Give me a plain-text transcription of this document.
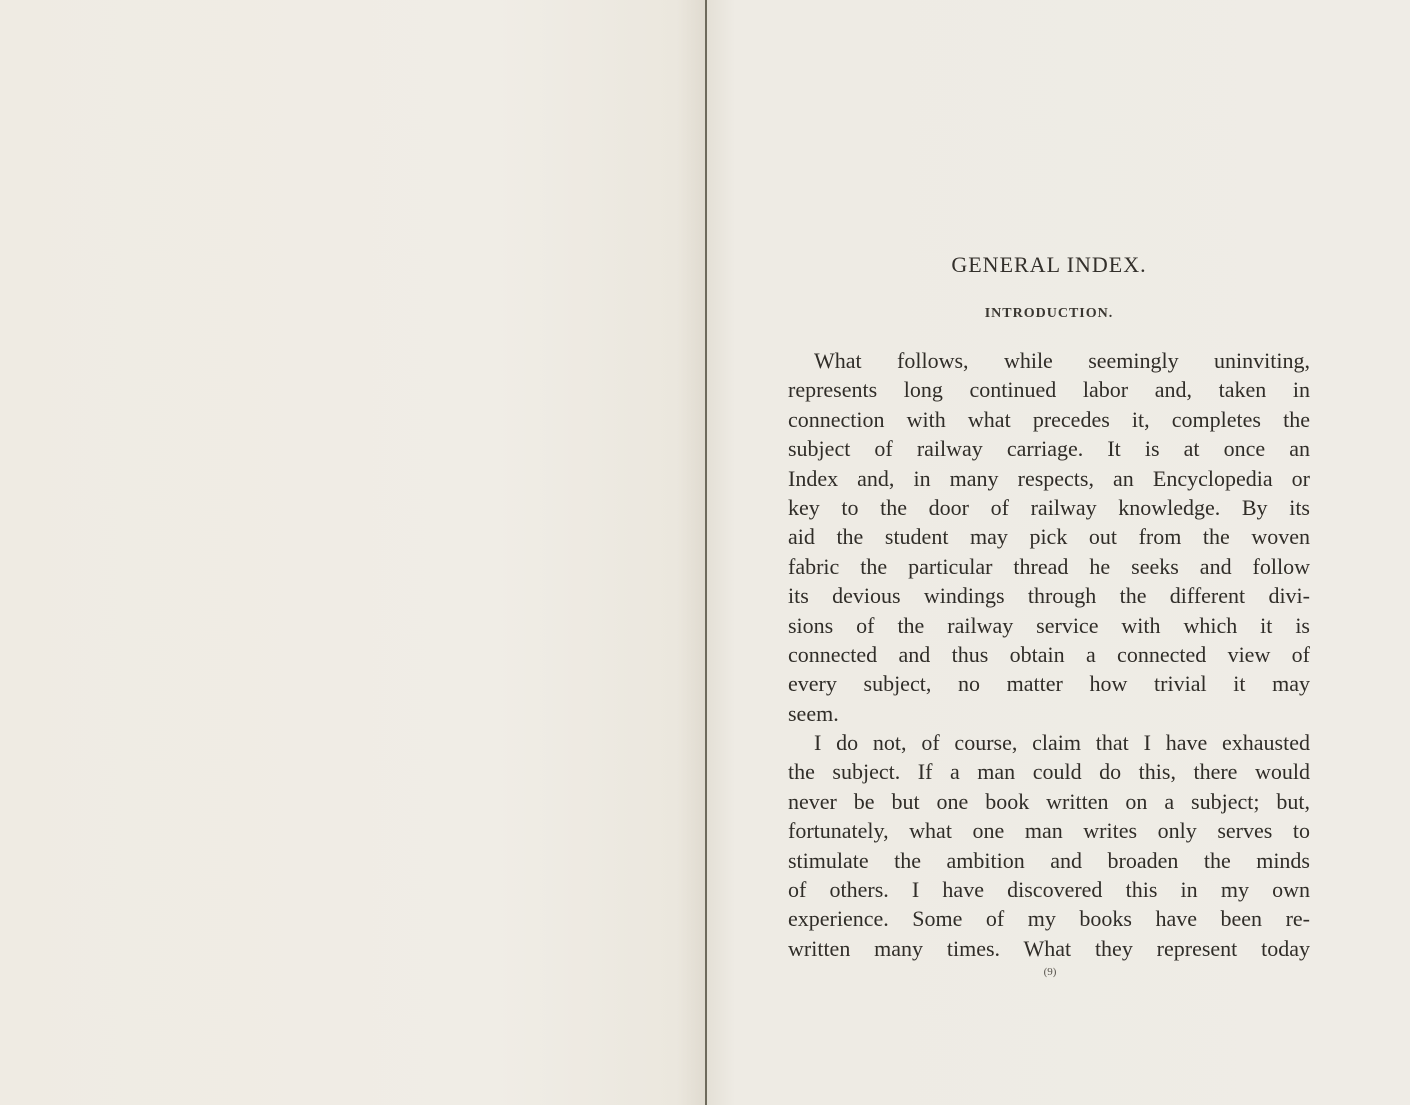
GENERAL INDEX.
INTRODUCTION.
What follows, while seemingly uninviting,
represents long continued labor and, taken in
connection with what precedes it, completes the
subject of railway carriage. It is at once an
Index and, in many respects, an Encyclopedia or
key to the door of railway knowledge. By its
aid the student may pick out from the woven
fabric the particular thread he seeks and follow
its devious windings through the different divi-
sions of the railway service with which it is
connected and thus obtain a connected view of
every subject, no matter how trivial it may
seem.
I do not, of course, claim that I have exhausted
the subject. If a man could do this, there would
never be but one book written on a subject; but,
fortunately, what one man writes only serves to
stimulate the ambition and broaden the minds
of others. I have discovered this in my own
experience. Some of my books have been re-
written many times. What they represent today
(9)
